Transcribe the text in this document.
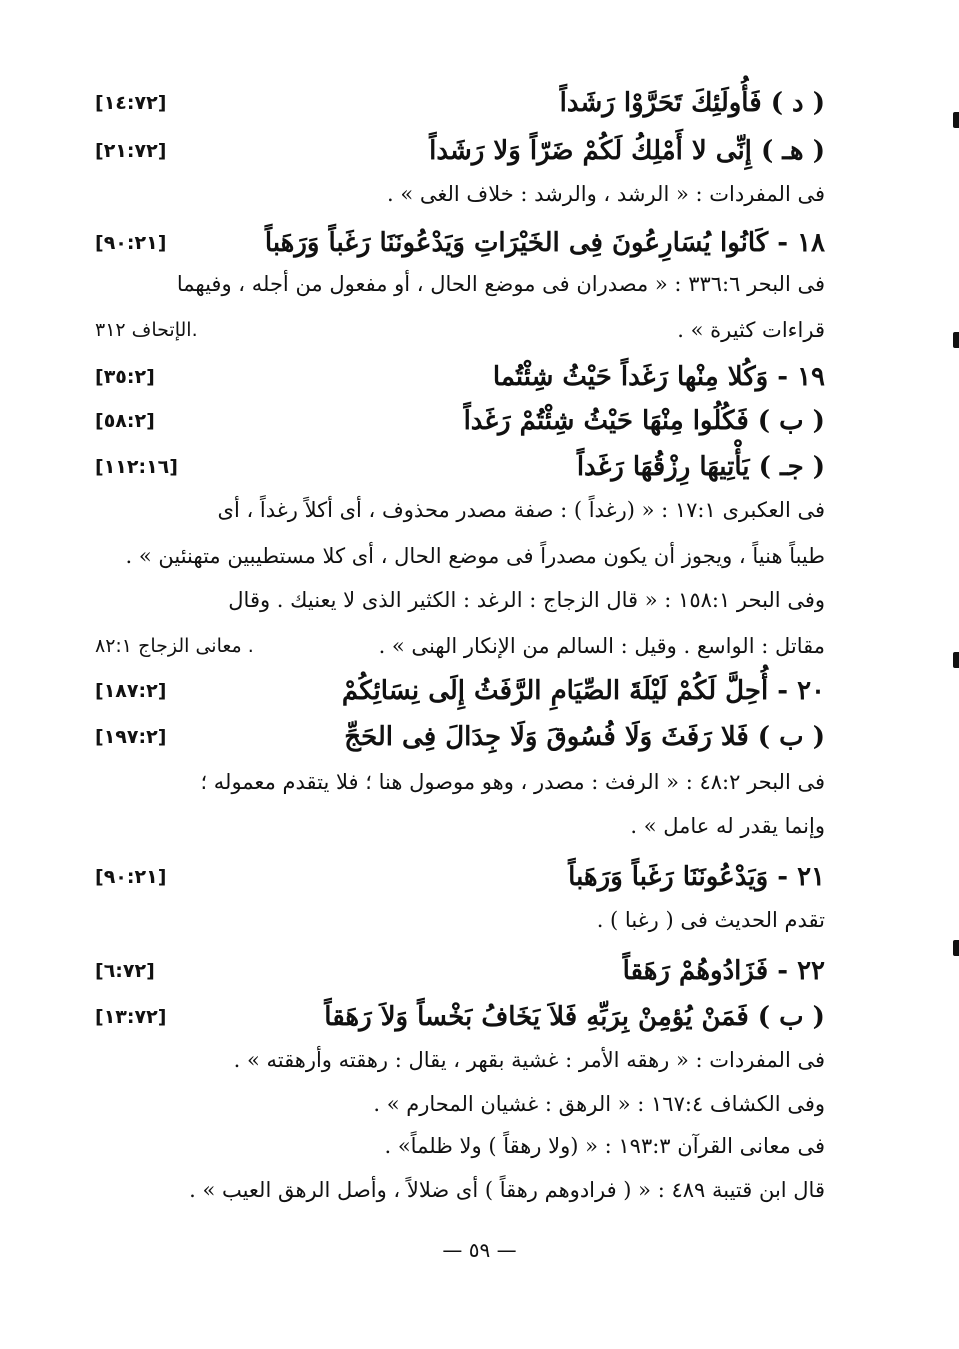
[١٤:٧٢]	( د ) فَأُولَئِكَ تَحَرَّوْا رَشَداً
[٢١:٧٢]	( هـ ) إِنِّى لا أَمْلِكُ لَكُمْ ضَرّاً وَلا رَشَداً
فى المفردات : « الرشد ، والرشد : خلاف الغى » .
[٩٠:٢١]	١٨ - كَانُوا يُسَارِعُونَ فِى الخَيْرَاتِ وَيَدْعُونَنَا رَغَباً وَرَهَباً
فى البحر ٣٣٦:٦ : « مصدران فى موضع الحال ، أو مفعول من أجله ، وفيهما
الإتحاف ٣١٢.	قراءات كثيرة » .
[٣٥:٢]	١٩ - وَكُلا مِنْها رَغَداً حَيْثُ شِئْتُما
[٥٨:٢]	( ب ) فَكُلُوا مِنْهَا حَيْثُ شِئْتُمْ رَغَداً
[١١٢:١٦]	( جـ ) يَأْتِيهَا رِزْقُهَا رَغَداً
فى العكبرى ١٧:١ : « (رغداً ) : صفة مصدر محذوف ، أى أكلاً رغداً ، أى
طيباً هنياً ، ويجوز أن يكون مصدراً فى موضع الحال ، أى كلا مستطيبين متهنئين » .
وفى البحر ١٥٨:١ : « قال الزجاج : الرغد : الكثير الذى لا يعنيك . وقال
معانى الزجاج ٨٢:١ .	مقاتل : الواسع . وقيل : السالم من الإنكار الهنى » .
[١٨٧:٢]	٢٠ - أُحِلَّ لَكُمْ لَيْلَةَ الصِّيَامِ الرَّفَثُ إِلَى نِسَائِكُمْ
[١٩٧:٢]	( ب ) فَلا رَفَثَ وَلَا فُسُوقَ وَلَا جِدَالَ فِى الحَجِّ
فى البحر ٤٨:٢ : « الرفث : مصدر ، وهو موصول هنا ؛ فلا يتقدم معموله ؛
وإنما يقدر له عامل » .
[٩٠:٢١]	٢١ - وَيَدْعُونَنَا رَغَباً وَرَهَباً
تقدم الحديث فى ( رغبا ) .
[٦:٧٢]	٢٢ - فَزَادُوهُمْ رَهَقاً
[١٣:٧٢]	( ب ) فَمَنْ يُؤمِنْ بِرَبِّهِ فَلاَ يَخَافُ بَخْساً وَلاَ رَهَقاً
فى المفردات : « رهقه الأمر : غشية بقهر ، يقال : رهقته وأرهقته » .
وفى الكشاف ١٦٧:٤ : « الرهق : غشيان المحارم » .
فى معانى القرآن ١٩٣:٣ : « (ولا رهقاً ) ولا ظلماً» .
قال ابن قتيبة ٤٨٩ : « ( فرادوهم رهقاً ) أى ضلالاً ، وأصل الرهق العيب » .
— ٥٩ —
